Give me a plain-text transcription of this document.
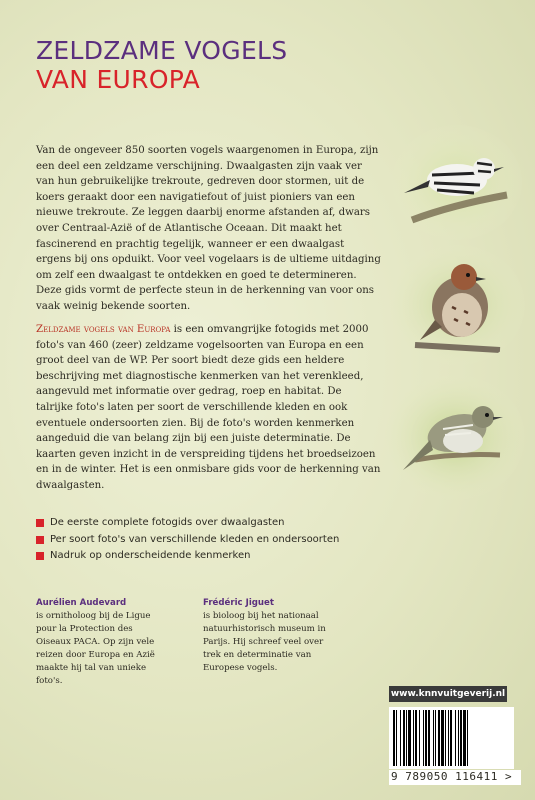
ZELDZAME VOGELS
VAN EUROPA

Van de ongeveer 850 soorten vogels waargenomen in Europa, zijn een deel een zeldzame verschijning. Dwaalgasten zijn vaak ver van hun gebruikelijke trekroute, gedreven door stormen, uit de koers geraakt door een navigatiefout of juist pioniers van een nieuwe trekroute. Ze leggen daarbij enorme afstanden af, dwars over Centraal-Azië of de Atlantische Oceaan. Dit maakt het fascinerend en prachtig tegelijk, wanneer er een dwaalgast ergens bij ons opduikt. Voor veel vogelaars is de ultieme uitdaging om zelf een dwaalgast te ontdekken en goed te determineren. Deze gids vormt de perfecte steun in de herkenning van voor ons vaak weinig bekende soorten.

Zeldzame vogels van Europa is een omvangrijke fotogids met 2000 foto's van 460 (zeer) zeldzame vogelsoorten van Europa en een groot deel van de WP. Per soort biedt deze gids een heldere beschrijving met diagnostische kenmerken van het verenkleed, aangevuld met informatie over gedrag, roep en habitat. De talrijke foto's laten per soort de verschillende kleden en ook eventuele ondersoorten zien. Bij de foto's worden kenmerken aangeduid die van belang zijn bij een juiste determinatie. De kaarten geven inzicht in de verspreiding tijdens het broedseizoen en in de winter. Het is een onmisbare gids voor de herkenning van dwaalgasten.

De eerste complete fotogids over dwaalgasten
Per soort foto's van verschillende kleden en ondersoorten
Nadruk op onderscheidende kenmerken
Aurélien Audevard
is ornitholoog bij de Ligue pour la Protection des Oiseaux PACA. Op zijn vele reizen door Europa en Azië maakte hij tal van unieke foto's.
Frédéric Jiguet
is bioloog bij het nationaal natuurhistorisch museum in Parijs. Hij schreef veel over trek en determinatie van Europese vogels.
www.knnvuitgeverij.nl
9 789050 116411 >
